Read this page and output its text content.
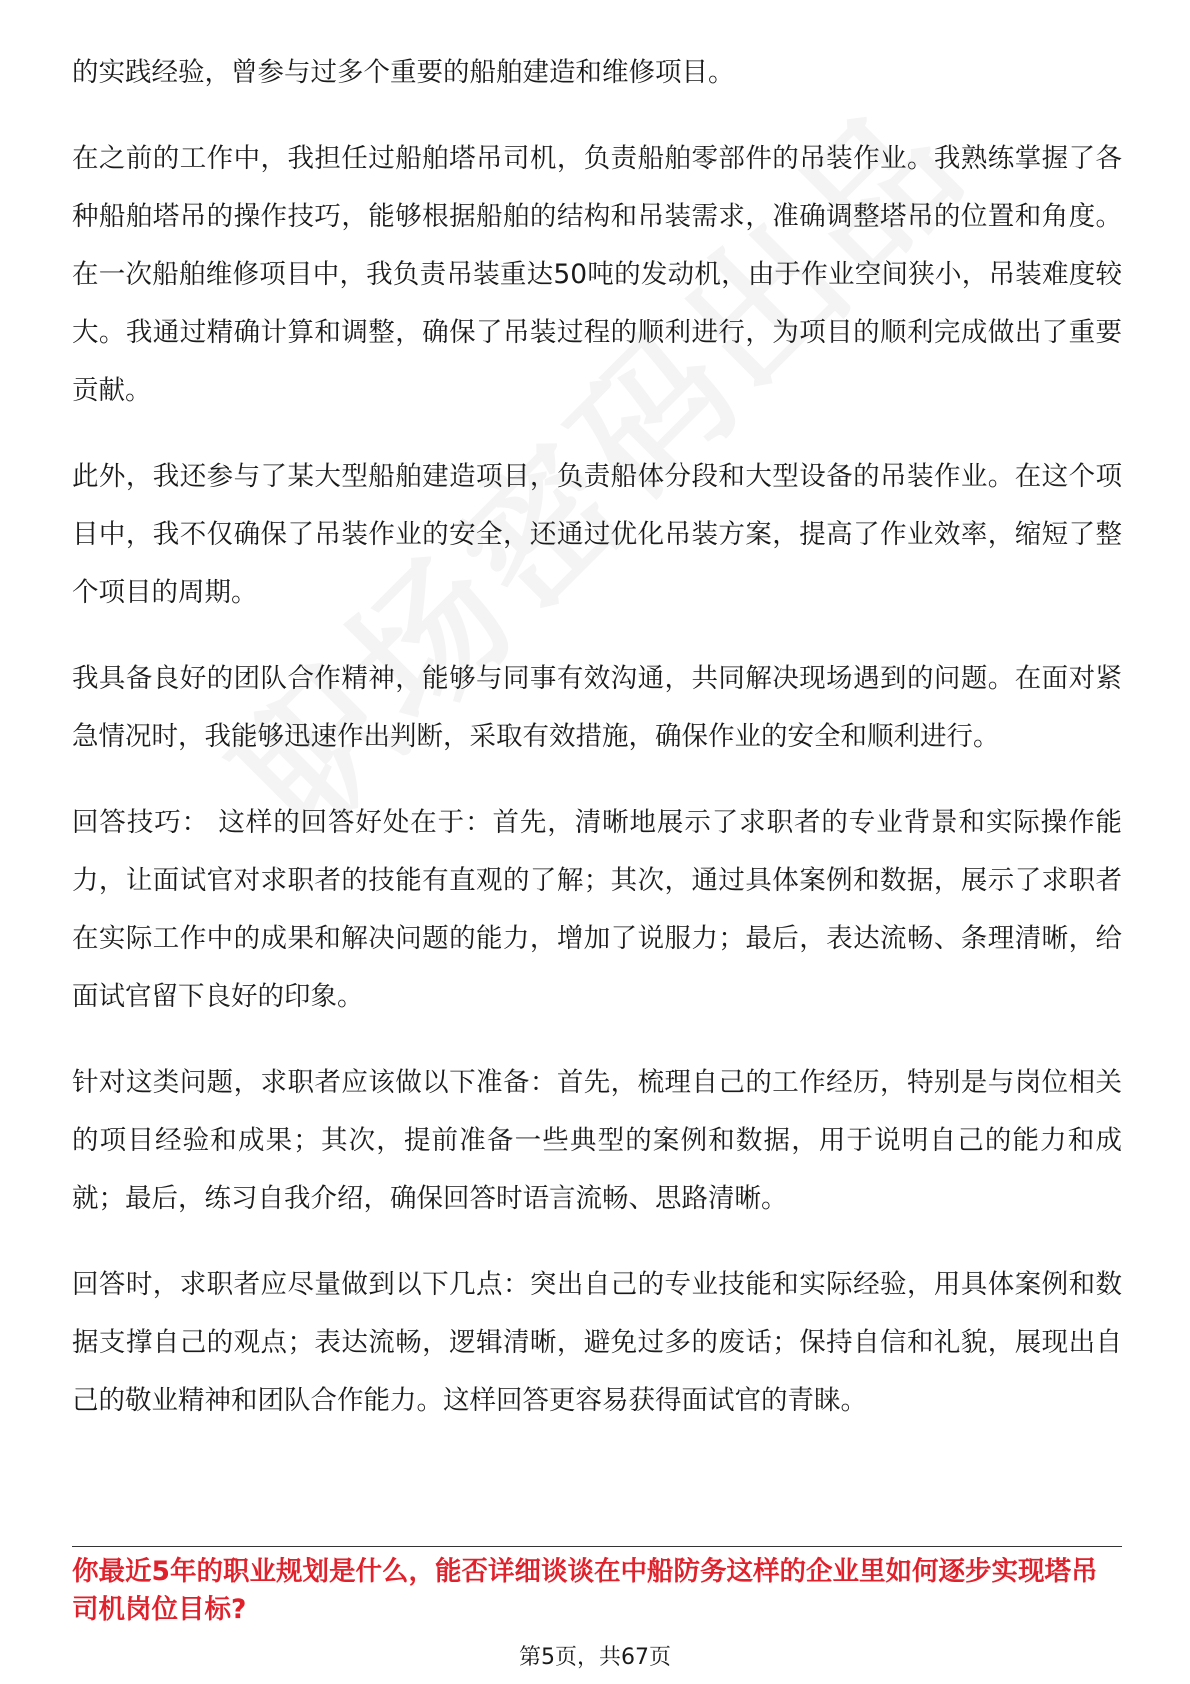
的实践经验，曾参与过多个重要的船舶建造和维修项目。

在之前的工作中，我担任过船舶塔吊司机，负责船舶零部件的吊装作业。我熟练掌握了各种船舶塔吊的操作技巧，能够根据船舶的结构和吊装需求，准确调整塔吊的位置和角度。在一次船舶维修项目中，我负责吊装重达50吨的发动机，由于作业空间狭小，吊装难度较大。我通过精确计算和调整，确保了吊装过程的顺利进行，为项目的顺利完成做出了重要贡献。

此外，我还参与了某大型船舶建造项目，负责船体分段和大型设备的吊装作业。在这个项目中，我不仅确保了吊装作业的安全，还通过优化吊装方案，提高了作业效率，缩短了整个项目的周期。

我具备良好的团队合作精神，能够与同事有效沟通，共同解决现场遇到的问题。在面对紧急情况时，我能够迅速作出判断，采取有效措施，确保作业的安全和顺利进行。

回答技巧： 这样的回答好处在于：首先，清晰地展示了求职者的专业背景和实际操作能力，让面试官对求职者的技能有直观的了解；其次，通过具体案例和数据，展示了求职者在实际工作中的成果和解决问题的能力，增加了说服力；最后，表达流畅、条理清晰，给面试官留下良好的印象。

针对这类问题，求职者应该做以下准备：首先，梳理自己的工作经历，特别是与岗位相关的项目经验和成果；其次，提前准备一些典型的案例和数据，用于说明自己的能力和成就；最后，练习自我介绍，确保回答时语言流畅、思路清晰。

回答时，求职者应尽量做到以下几点：突出自己的专业技能和实际经验，用具体案例和数据支撑自己的观点；表达流畅，逻辑清晰，避免过多的废话；保持自信和礼貌，展现出自己的敬业精神和团队合作能力。这样回答更容易获得面试官的青睐。

你最近5年的职业规划是什么，能否详细谈谈在中船防务这样的企业里如何逐步实现塔吊司机岗位目标?
第5页，共67页
